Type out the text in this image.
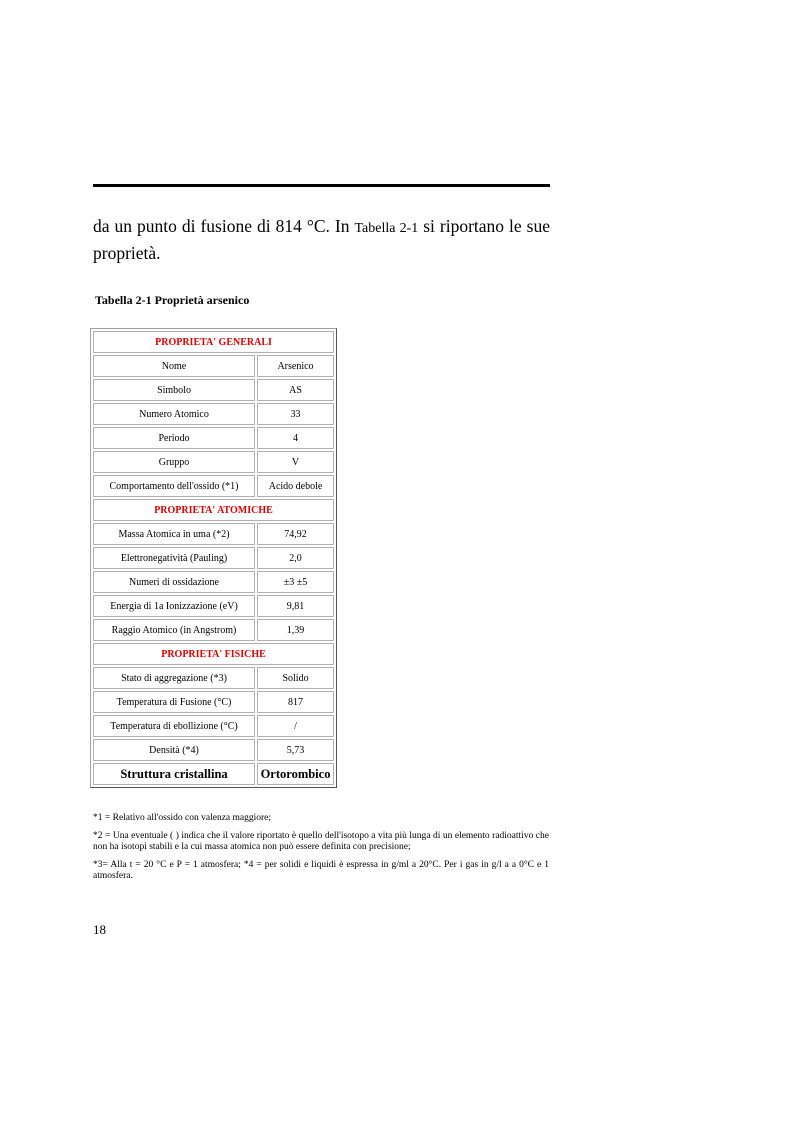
da un punto di fusione di 814 °C. In Tabella 2-1 si riportano le sue proprietà.

Tabella 2-1 Proprietà arsenico

PROPRIETA' GENERALI	
Nome	Arsenico
Simbolo	AS
Numero Atomico	33
Periodo	4
Gruppo	V
Comportamento dell'ossido (*1)	Acido debole
PROPRIETA' ATOMICHE	
Massa Atomica in uma (*2)	74,92
Elettronegatività (Pauling)	2,0
Numeri di ossidazione	±3 ±5
Energia di 1a Ionizzazione (eV)	9,81
Raggio Atomico (in Angstrom)	1,39
PROPRIETA' FISICHE	
Stato di aggregazione (*3)	Solido
Temperatura di Fusione (°C)	817
Temperatura di ebollizione (°C)	/
Densità (*4)	5,73
Struttura cristallina	Ortorombico

*1 = Relativo all'ossido con valenza maggiore;

*2 = Una eventuale ( ) indica che il valore riportato è quello dell'isotopo a vita più lunga di un elemento radioattivo che non ha isotopi stabili e la cui massa atomica non può essere definita con precisione;

*3= Alla t = 20 °C e P = 1 atmosfera; *4 = per solidi e liquidi è espressa in g/ml a 20°C. Per i gas in g/l a a 0°C e 1 atmosfera.

18
